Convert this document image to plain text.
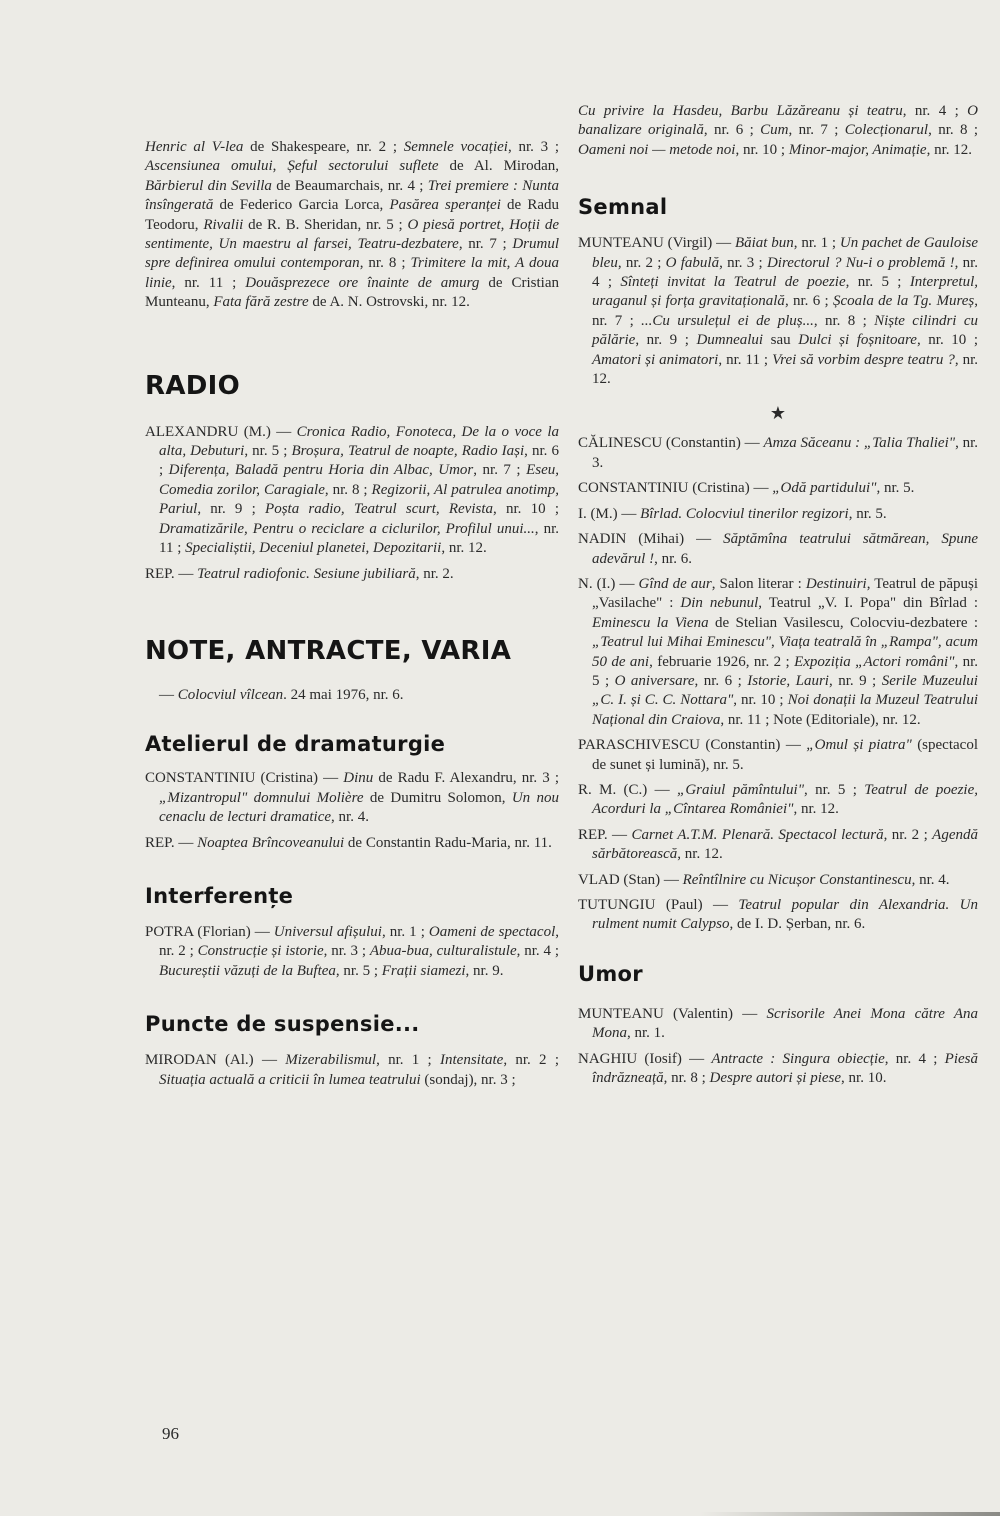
Henric al V-lea de Shakespeare, nr. 2 ; Semnele vocației, nr. 3 ; Ascensiunea omului, Șeful sectorului suflete de Al. Mirodan, Bărbierul din Sevilla de Beaumarchais, nr. 4 ; Trei premiere : Nunta însîngerată de Federico Garcia Lorca, Pasărea speranței de Radu Teodoru, Rivalii de R. B. Sheridan, nr. 5 ; O piesă portret, Hoții de sentimente, Un maestru al farsei, Teatru-dezbatere, nr. 7 ; Drumul spre definirea omului contemporan, nr. 8 ; Trimitere la mit, A doua linie, nr. 11 ; Douăsprezece ore înainte de amurg de Cristian Munteanu, Fata fără zestre de A. N. Ostrovski, nr. 12.

RADIO

ALEXANDRU (M.) — Cronica Radio, Fonoteca, De la o voce la alta, Debuturi, nr. 5 ; Broșura, Teatrul de noapte, Radio Iași, nr. 6 ; Diferența, Baladă pentru Horia din Albac, Umor, nr. 7 ; Eseu, Comedia zorilor, Caragiale, nr. 8 ; Regizorii, Al patrulea anotimp, Pariul, nr. 9 ; Poșta radio, Teatrul scurt, Revista, nr. 10 ; Dramatizările, Pentru o reciclare a ciclurilor, Profilul unui..., nr. 11 ; Specialiștii, Deceniul planetei, Depozitarii, nr. 12.

REP. — Teatrul radiofonic. Sesiune jubiliară, nr. 2.

NOTE, ANTRACTE, VARIA

— Colocviul vîlcean. 24 mai 1976, nr. 6.

Atelierul de dramaturgie

CONSTANTINIU (Cristina) — Dinu de Radu F. Alexandru, nr. 3 ; „Mizantropul" domnului Molière de Dumitru Solomon, Un nou cenaclu de lecturi dramatice, nr. 4.

REP. — Noaptea Brîncoveanului de Constantin Radu-Maria, nr. 11.

Interferențe

POTRA (Florian) — Universul afișului, nr. 1 ; Oameni de spectacol, nr. 2 ; Construcție și istorie, nr. 3 ; Abua-bua, culturalistule, nr. 4 ; Bucureștii văzuți de la Buftea, nr. 5 ; Frații siamezi, nr. 9.

Puncte de suspensie...

MIRODAN (Al.) — Mizerabilismul, nr. 1 ; Intensitate, nr. 2 ; Situația actuală a criticii în lumea teatrului (sondaj), nr. 3 ;

Cu privire la Hasdeu, Barbu Lăzăreanu și teatru, nr. 4 ; O banalizare originală, nr. 6 ; Cum, nr. 7 ; Colecționarul, nr. 8 ; Oameni noi — metode noi, nr. 10 ; Minor-major, Animație, nr. 12.

Semnal

MUNTEANU (Virgil) — Băiat bun, nr. 1 ; Un pachet de Gauloise bleu, nr. 2 ; O fabulă, nr. 3 ; Directorul ? Nu-i o problemă !, nr. 4 ; Sînteți invitat la Teatrul de poezie, nr. 5 ; Interpretul, uraganul și forța gravitațională, nr. 6 ; Școala de la Tg. Mureș, nr. 7 ; ...Cu ursulețul ei de pluș..., nr. 8 ; Niște cilindri cu pălărie, nr. 9 ; Dumnealui sau Dulci și foșnitoare, nr. 10 ; Amatori și animatori, nr. 11 ; Vrei să vorbim despre teatru ?, nr. 12.

★

CĂLINESCU (Constantin) — Amza Săceanu : „Talia Thaliei", nr. 3.

CONSTANTINIU (Cristina) — „Odă partidului", nr. 5.

I. (M.) — Bîrlad. Colocviul tinerilor regizori, nr. 5.

NADIN (Mihai) — Săptămîna teatrului sătmărean, Spune adevărul !, nr. 6.

N. (I.) — Gînd de aur, Salon literar : Destinuiri, Teatrul de păpuși „Vasilache" : Din nebunul, Teatrul „V. I. Popa" din Bîrlad : Eminescu la Viena de Stelian Vasilescu, Colocviu-dezbatere : „Teatrul lui Mihai Eminescu", Viața teatrală în „Rampa", acum 50 de ani, februarie 1926, nr. 2 ; Expoziția „Actori români", nr. 5 ; O aniversare, nr. 6 ; Istorie, Lauri, nr. 9 ; Serile Muzeului „C. I. și C. C. Nottara", nr. 10 ; Noi donații la Muzeul Teatrului Național din Craiova, nr. 11 ; Note (Editoriale), nr. 12.

PARASCHIVESCU (Constantin) — „Omul și piatra" (spectacol de sunet și lumină), nr. 5.

R. M. (C.) — „Graiul pămîntului", nr. 5 ; Teatrul de poezie, Acorduri la „Cîntarea României", nr. 12.

REP. — Carnet A.T.M. Plenară. Spectacol lectură, nr. 2 ; Agendă sărbătorească, nr. 12.

VLAD (Stan) — Reîntîlnire cu Nicușor Constantinescu, nr. 4.

TUTUNGIU (Paul) — Teatrul popular din Alexandria. Un rulment numit Calypso, de I. D. Șerban, nr. 6.

Umor

MUNTEANU (Valentin) — Scrisorile Anei Mona către Ana Mona, nr. 1.

NAGHIU (Iosif) — Antracte : Singura obiecție, nr. 4 ; Piesă îndrăzneață, nr. 8 ; Despre autori și piese, nr. 10.

96
